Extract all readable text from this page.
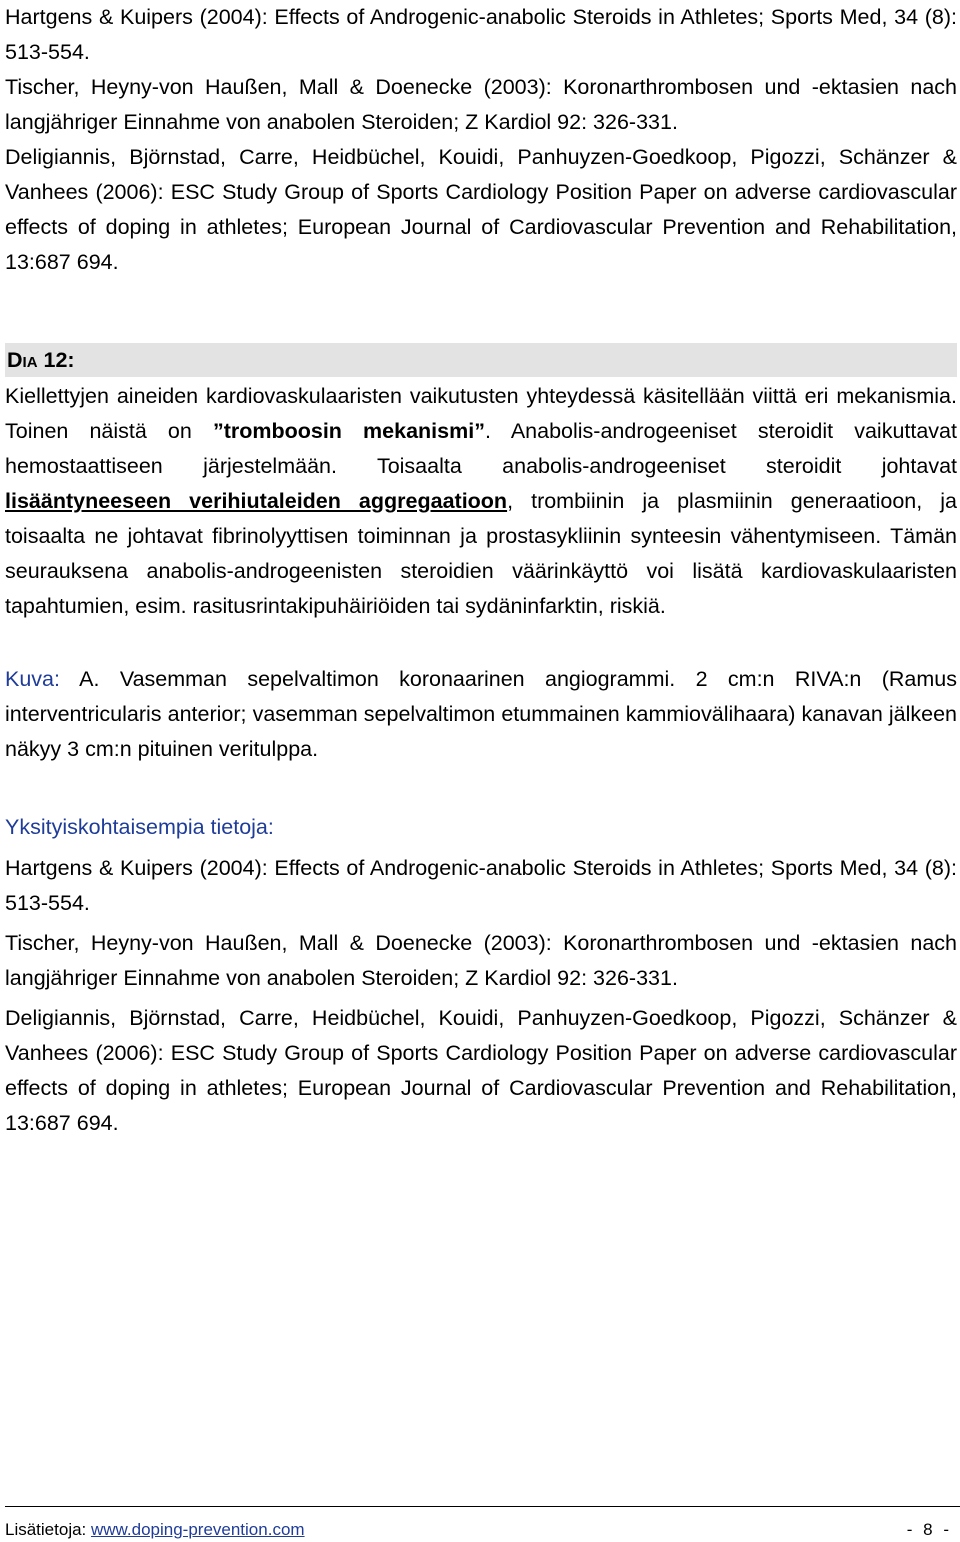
Hartgens & Kuipers (2004): Effects of Androgenic-anabolic Steroids in Athletes; Sports Med, 34 (8): 513-554.

Tischer, Heyny-von Haußen, Mall & Doenecke (2003): Koronarthrombosen und -ektasien nach langjähriger Einnahme von anabolen Steroiden; Z Kardiol 92: 326-331.

Deligiannis, Björnstad, Carre, Heidbüchel, Kouidi, Panhuyzen-Goedkoop, Pigozzi, Schänzer & Vanhees (2006): ESC Study Group of Sports Cardiology Position Paper on adverse cardiovascular effects of doping in athletes; European Journal of Cardiovascular Prevention and Rehabilitation, 13:687 694.

DIA 12:

Kiellettyjen aineiden kardiovaskulaaristen vaikutusten yhteydessä käsitellään viittä eri mekanismia. Toinen näistä on ”tromboosin mekanismi”. Anabolis-androgeeniset steroidit vaikuttavat hemostaattiseen järjestelmään. Toisaalta anabolis-androgeeniset steroidit johtavat lisääntyneeseen verihiutaleiden aggregaatioon, trombiinin ja plasmiinin generaatioon, ja toisaalta ne johtavat fibrinolyyttisen toiminnan ja prostasykliinin synteesin vähentymiseen. Tämän seurauksena anabolis-androgeenisten steroidien väärinkäyttö voi lisätä kardiovaskulaaristen tapahtumien, esim. rasitusrintakipuhäiriöiden tai sydäninfarktin, riskiä.

Kuva: A. Vasemman sepelvaltimon koronaarinen angiogrammi. 2 cm:n RIVA:n (Ramus interventricularis anterior; vasemman sepelvaltimon etummainen kammiovälihaara) kanavan jälkeen näkyy 3 cm:n pituinen veritulppa.

Yksityiskohtaisempia tietoja:

Hartgens & Kuipers (2004): Effects of Androgenic-anabolic Steroids in Athletes; Sports Med, 34 (8): 513-554.

Tischer, Heyny-von Haußen, Mall & Doenecke (2003): Koronarthrombosen und -ektasien nach langjähriger Einnahme von anabolen Steroiden; Z Kardiol 92: 326-331.

Deligiannis, Björnstad, Carre, Heidbüchel, Kouidi, Panhuyzen-Goedkoop, Pigozzi, Schänzer & Vanhees (2006): ESC Study Group of Sports Cardiology Position Paper on adverse cardiovascular effects of doping in athletes; European Journal of Cardiovascular Prevention and Rehabilitation, 13:687 694.

Lisätietoja: www.doping-prevention.com	- 8 -
